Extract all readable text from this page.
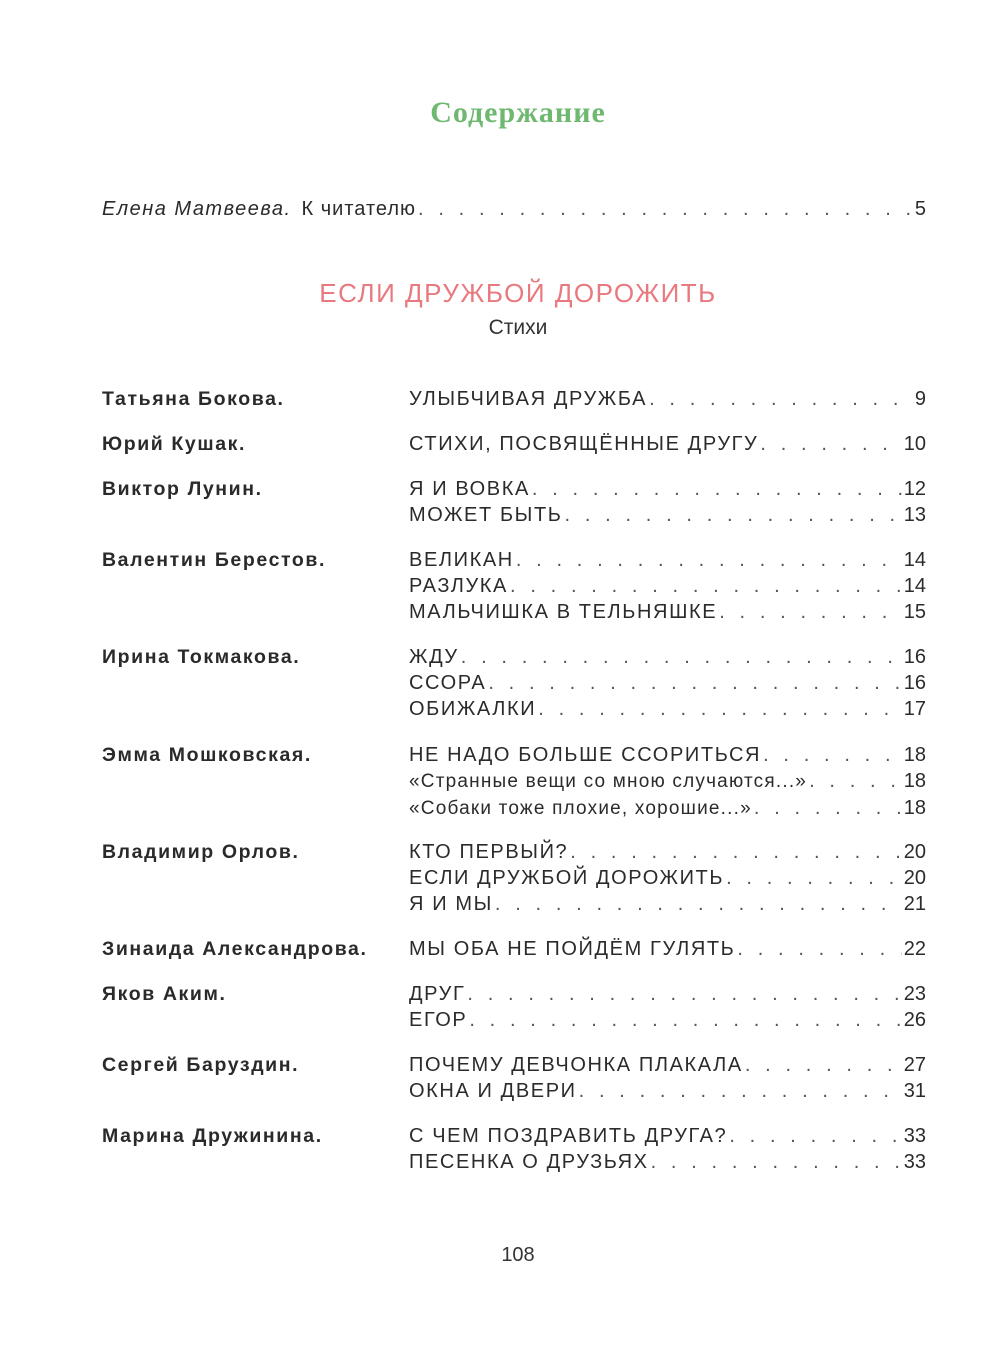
Содержание
Елена Матвеева. К читателю . . .	5
ЕСЛИ ДРУЖБОЙ ДОРОЖИТЬ
Стихи
Татьяна Бокова.	УЛЫБЧИВАЯ ДРУЖБА . . .	9
Юрий Кушак.	СТИХИ, ПОСВЯЩЁННЫЕ ДРУГУ . . .	10
Виктор Лунин.	Я И ВОВКА . . .	12
МОЖЕТ БЫТЬ . . .	13
Валентин Берестов.	ВЕЛИКАН . . .	14
РАЗЛУКА . . .	14
МАЛЬЧИШКА В ТЕЛЬНЯШКЕ . . .	15
Ирина Токмакова.	ЖДУ . . .	16
ССОРА . . .	16
ОБИЖАЛКИ . . .	17
Эмма Мошковская.	НЕ НАДО БОЛЬШЕ ССОРИТЬСЯ . . .	18
«Странные вещи со мною случаются...» . . .	18
«Собаки тоже плохие, хорошие...» . . .	18
Владимир Орлов.	КТО ПЕРВЫЙ? . . .	20
ЕСЛИ ДРУЖБОЙ ДОРОЖИТЬ . . .	20
Я И МЫ . . .	21
Зинаида Александрова.	МЫ ОБА НЕ ПОЙДЁМ ГУЛЯТЬ . . .	22
Яков Аким.	ДРУГ . . .	23
ЕГОР . . .	26
Сергей Баруздин.	ПОЧЕМУ ДЕВЧОНКА ПЛАКАЛА . . .	27
ОКНА И ДВЕРИ . . .	31
Марина Дружинина.	С ЧЕМ ПОЗДРАВИТЬ ДРУГА? . . .	33
ПЕСЕНКА О ДРУЗЬЯХ . . .	33
108
